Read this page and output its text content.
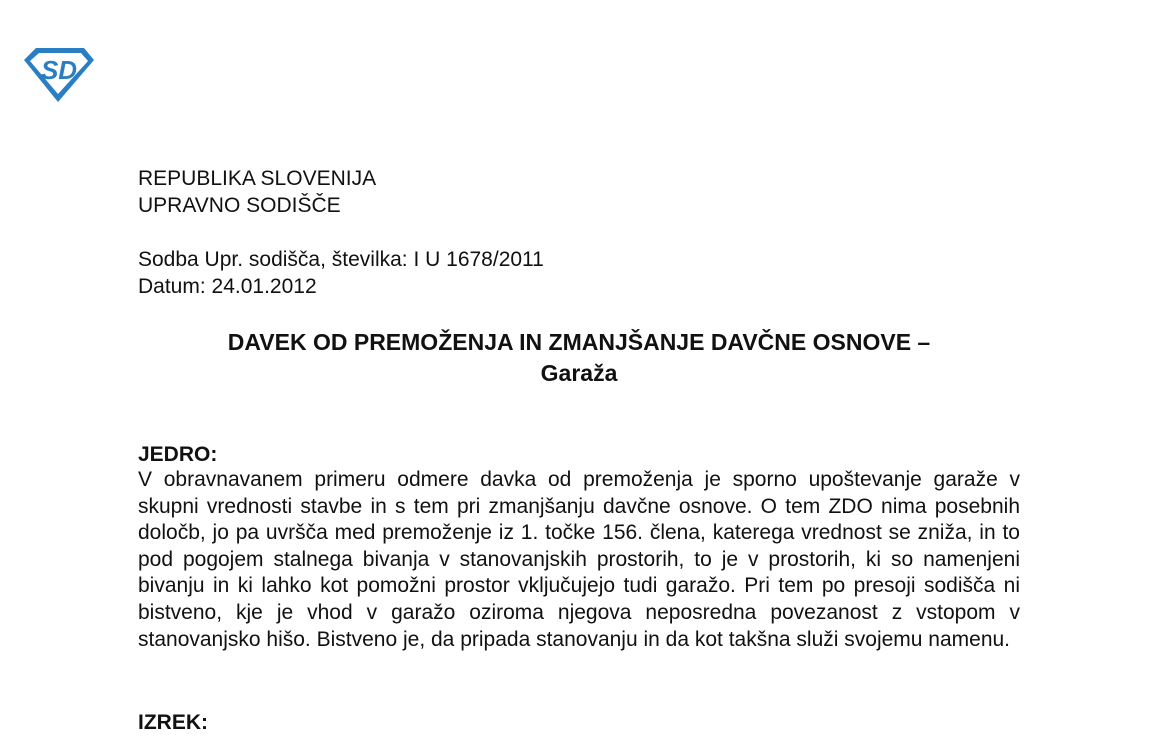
SD
REPUBLIKA SLOVENIJA
UPRAVNO SODIŠČE
Sodba Upr. sodišča, številka: I U 1678/2011
Datum: 24.01.2012
DAVEK OD PREMOŽENJA IN ZMANJŠANJE DAVČNE OSNOVE –
Garaža
JEDRO:
V obravnavanem primeru odmere davka od premoženja je sporno upoštevanje garaže v skupni vrednosti stavbe in s tem pri zmanjšanju davčne osnove. O tem ZDO nima posebnih določb, jo pa uvršča med premoženje iz 1. točke 156. člena, katerega vrednost se zniža, in to pod pogojem stalnega bivanja v stanovanjskih prostorih, to je v prostorih, ki so namenjeni bivanju in ki lahko kot pomožni prostor vključujejo tudi garažo. Pri tem po presoji sodišča ni bistveno, kje je vhod v garažo oziroma njegova neposredna povezanost z vstopom v stanovanjsko hišo. Bistveno je, da pripada stanovanju in da kot takšna služi svojemu namenu.
IZREK:
